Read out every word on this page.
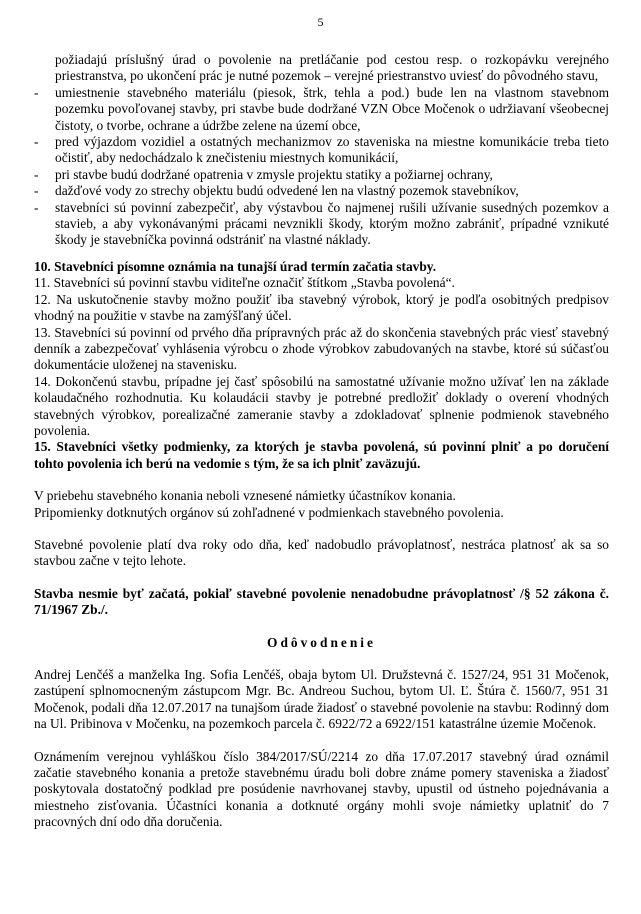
5

požiadajú príslušný úrad o povolenie na pretláčanie pod cestou resp. o rozkopávku verejného priestranstva, po ukončení prác je nutné pozemok – verejné priestranstvo uviesť do pôvodného stavu,

- umiestnenie stavebného materiálu (piesok, štrk, tehla a pod.) bude len na vlastnom stavebnom pozemku povoľovanej stavby, pri stavbe bude dodržané VZN Obce Močenok o udržiavaní všeobecnej čistoty, o tvorbe, ochrane a údržbe zelene na území obce,
- pred výjazdom vozidiel a ostatných mechanizmov zo staveniska na miestne komunikácie treba tieto očistiť, aby nedochádzalo k znečisteniu miestnych komunikácií,
- pri stavbe budú dodržané opatrenia v zmysle projektu statiky a požiarnej ochrany,
- dažďové vody zo strechy objektu budú odvedené len na vlastný pozemok stavebníkov,
- stavebníci sú povinní zabezpečiť, aby výstavbou čo najmenej rušili užívanie susedných pozemkov a stavieb, a aby vykonávanými prácami nevznikli škody, ktorým možno zabrániť, prípadné vznikuté škody je stavebníčka povinná odstrániť na vlastné náklady.

10. Stavebníci písomne oznámia na tunajší úrad termín začatia stavby.

11. Stavebníci sú povinní stavbu viditeľne označiť štítkom „Stavba povolená“.

12. Na uskutočnenie stavby možno použiť iba stavebný výrobok, ktorý je podľa osobitných predpisov vhodný na použitie v stavbe na zamýšľaný účel.

13. Stavebníci sú povinní od prvého dňa prípravných prác až do skončenia stavebných prác viesť stavebný denník a zabezpečovať vyhlásenia výrobcu o zhode výrobkov zabudovaných na stavbe, ktoré sú súčasťou dokumentácie uloženej na stavenisku.

14. Dokončenú stavbu, prípadne jej časť spôsobilú na samostatné užívanie možno užívať len na základe kolaudačného rozhodnutia. Ku kolaudácii stavby je potrebné predložiť doklady o overení vhodných stavebných výrobkov, porealizačné zameranie stavby a zdokladovať splnenie podmienok stavebného povolenia.

15. Stavebníci všetky podmienky, za ktorých je stavba povolená, sú povinní plniť a po doručení tohto povolenia ich berú na vedomie s tým, že sa ich plniť zaväzujú.

V priebehu stavebného konania neboli vznesené námietky účastníkov konania.

Pripomienky dotknutých orgánov sú zohľadnené v podmienkach stavebného povolenia.

Stavebné povolenie platí dva roky odo dňa, keď nadobudlo právoplatnosť, nestráca platnosť ak sa so stavbou začne v tejto lehote.

Stavba nesmie byť začatá, pokiaľ stavebné povolenie nenadobudne právoplatnosť /§ 52 zákona č. 71/1967 Zb./.

Odôvodnenie

Andrej Lenčéš a manželka Ing. Sofia Lenčéš, obaja bytom Ul. Družstevná č. 1527/24, 951 31 Močenok, zastúpení splnomocneným zástupcom Mgr. Bc. Andreou Suchou, bytom Ul. Ľ. Štúra č. 1560/7, 951 31 Močenok, podali dňa 12.07.2017 na tunajšom úrade žiadosť o stavebné povolenie na stavbu: Rodinný dom na Ul. Pribinova v Močenku, na pozemkoch parcela č. 6922/72 a 6922/151 katastrálne územie Močenok.

Oznámením verejnou vyhláškou číslo 384/2017/SÚ/2214 zo dňa 17.07.2017 stavebný úrad oznámil začatie stavebného konania a pretože stavebnému úradu boli dobre známe pomery staveniska a žiadosť poskytovala dostatočný podklad pre posúdenie navrhovanej stavby, upustil od ústneho pojednávania a miestneho zisťovania. Účastníci konania a dotknuté orgány mohli svoje námietky uplatniť do 7 pracovných dní odo dňa doručenia.
